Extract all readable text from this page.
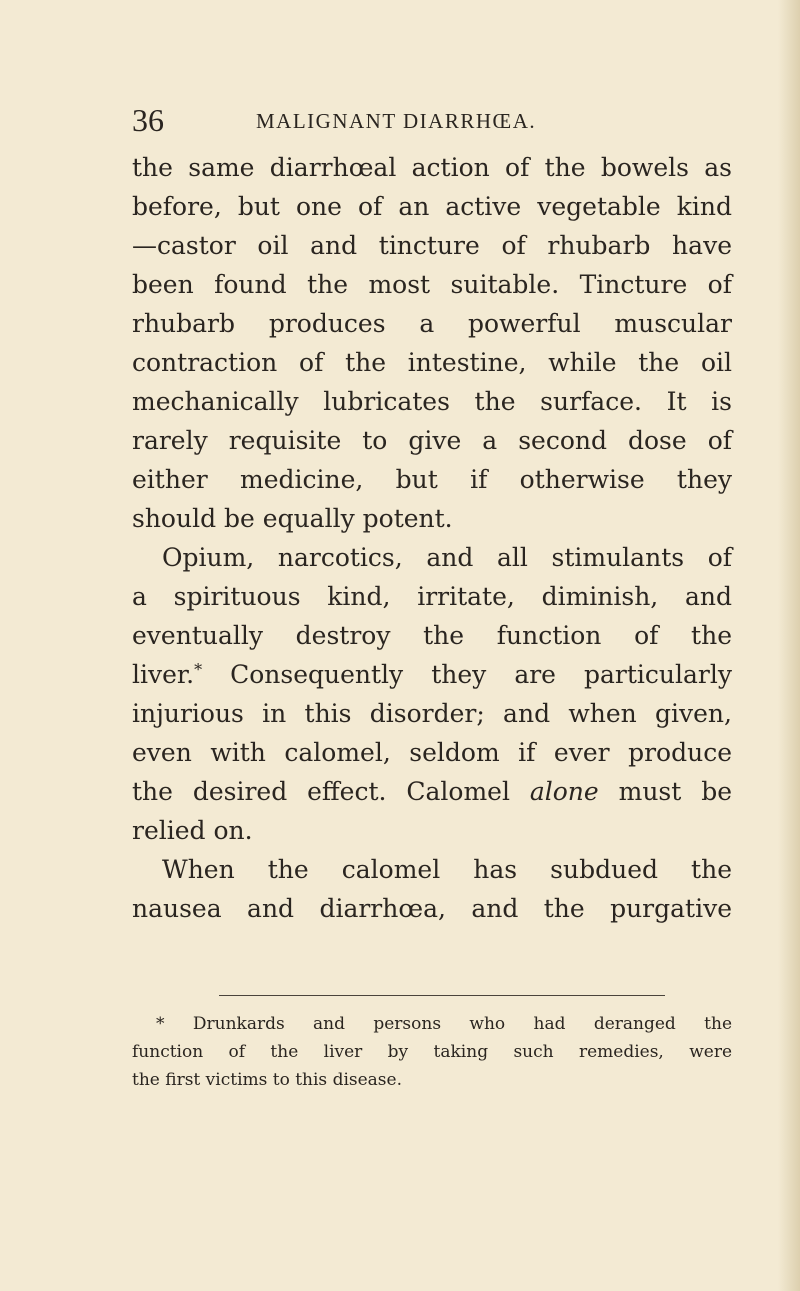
36	MALIGNANT DIARRHŒA.
the same diarrhœal action of the bowels as
before, but one of an active vegetable kind
—castor oil and tincture of rhubarb have
been found the most suitable. Tincture of
rhubarb produces a powerful muscular
contraction of the intestine, while the oil
mechanically lubricates the surface. It is
rarely requisite to give a second dose of
either medicine, but if otherwise they
should be equally potent.
Opium, narcotics, and all stimulants of
a spirituous kind, irritate, diminish, and
eventually destroy the function of the
liver.* Consequently they are particularly
injurious in this disorder; and when given,
even with calomel, seldom if ever produce
the desired effect. Calomel alone must be
relied on.
When the calomel has subdued the
nausea and diarrhœa, and the purgative
* Drunkards and persons who had deranged the
function of the liver by taking such remedies, were
the first victims to this disease.
